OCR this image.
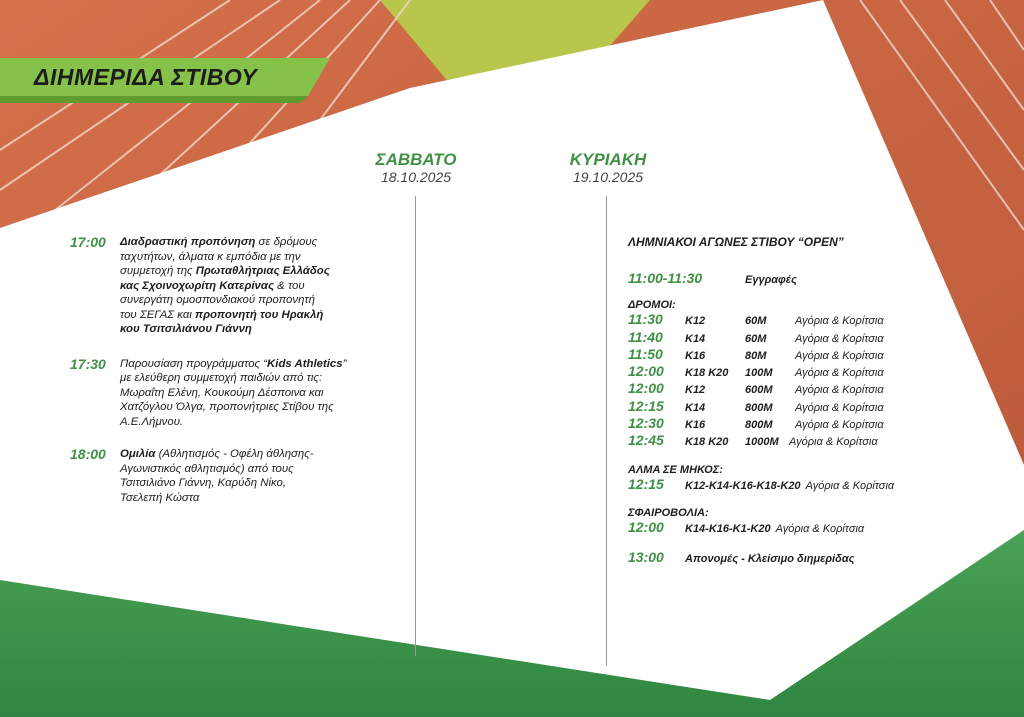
ΔΙΗΜΕΡΙΔΑ ΣΤΙΒΟΥ
ΣΑΒΒΑΤΟ
18.10.2025
ΚΥΡΙΑΚΗ
19.10.2025
17:00	Διαδραστική προπόνηση σε δρόμους
ταχυτήτων, άλματα κ εμπόδια με την
συμμετοχή της Πρωταθλήτριας Ελλάδος
κας Σχοινοχωρίτη Κατερίνας & του
συνεργάτη ομοσπονδιακού προπονητή
του ΣΕΓΑΣ και προπονητή του Ηρακλή
κου Τσιτσιλιάνου Γιάννη
17:30	Παρουσίαση προγράμματος “Kids Athletics”
με ελεύθερη συμμετοχή παιδιών από τις:
Μωραΐτη Ελένη, Κουκούμη Δέσποινα και
Χατζόγλου Όλγα, προπονήτριες Στίβου της
Α.Ε.Λήμνου.
18:00	Ομιλία (Αθλητισμός - Οφέλη άθλησης-
Αγωνιστικός αθλητισμός) από τους
Τσιτσιλιάνο Γιάννη, Καρύδη Νίκο,
Τσελεπή Κώστα
ΛΗΜΝΙΑΚΟΙ ΑΓΩΝΕΣ ΣΤΙΒΟΥ “OPEN”
11:00-11:30	Εγγραφές
ΔΡΟΜΟΙ:
11:30	K12	60M	Αγόρια & Κορίτσια
11:40	K14	60M	Αγόρια & Κορίτσια
11:50	K16	80M	Αγόρια & Κορίτσια
12:00	K18 K20	100M	Αγόρια & Κορίτσια
12:00	K12	600M	Αγόρια & Κορίτσια
12:15	K14	800M	Αγόρια & Κορίτσια
12:30	K16	800M	Αγόρια & Κορίτσια
12:45	K18 K20	1000M Αγόρια & Κορίτσια
ΑΛΜΑ ΣΕ ΜΗΚΟΣ:
12:15	K12-K14-K16-K18-K20 Αγόρια & Κορίτσια
ΣΦΑΙΡΟΒΟΛΙΑ:
12:00	K14-K16-K1-K20 Αγόρια & Κορίτσια
13:00	Απονομές - Κλείσιμο διημερίδας
